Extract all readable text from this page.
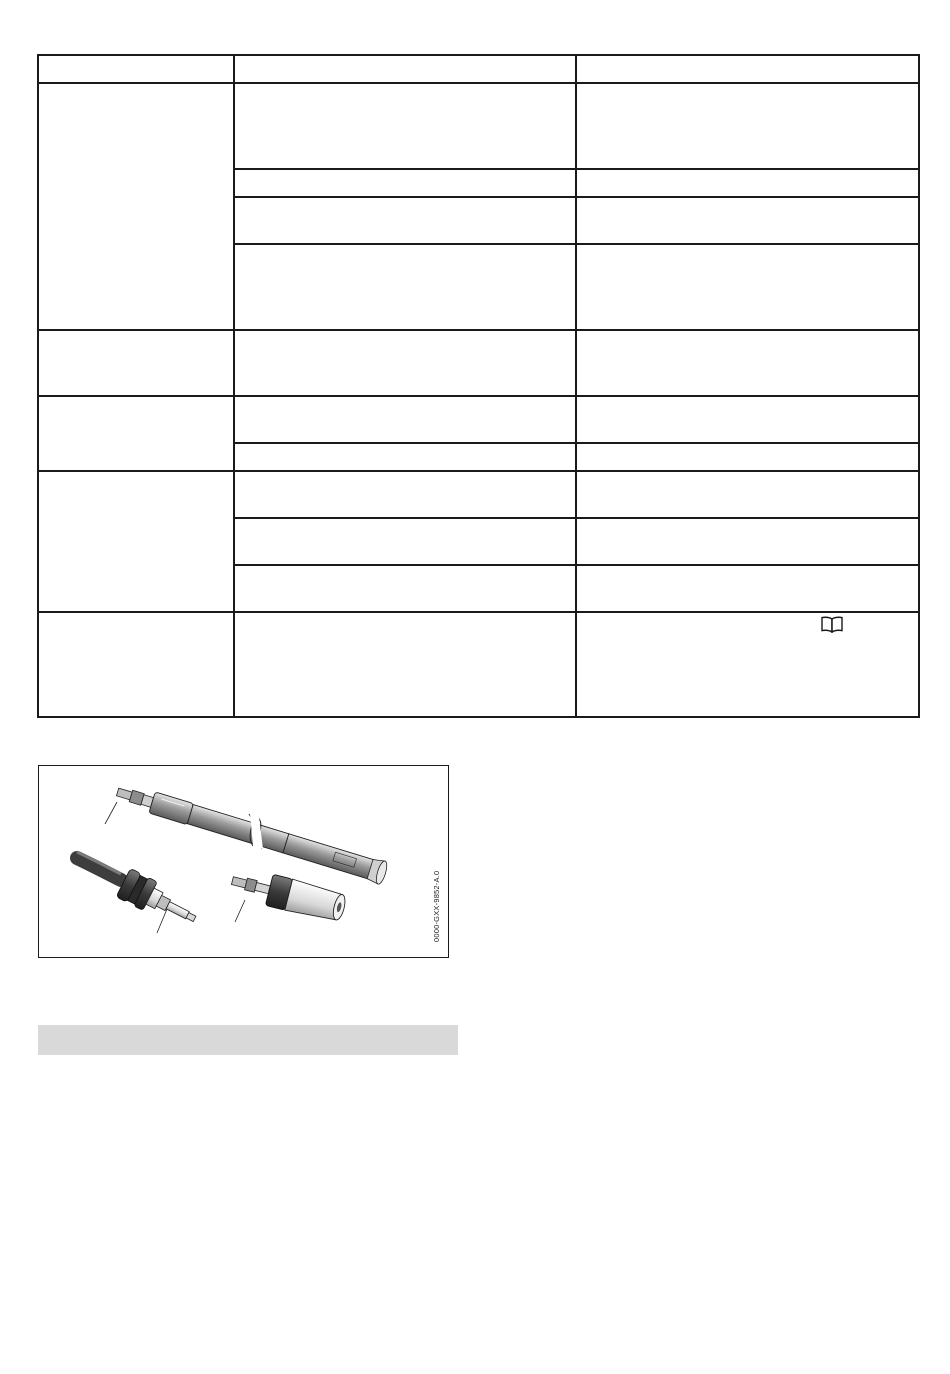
0000-GXX-9852-A.0
